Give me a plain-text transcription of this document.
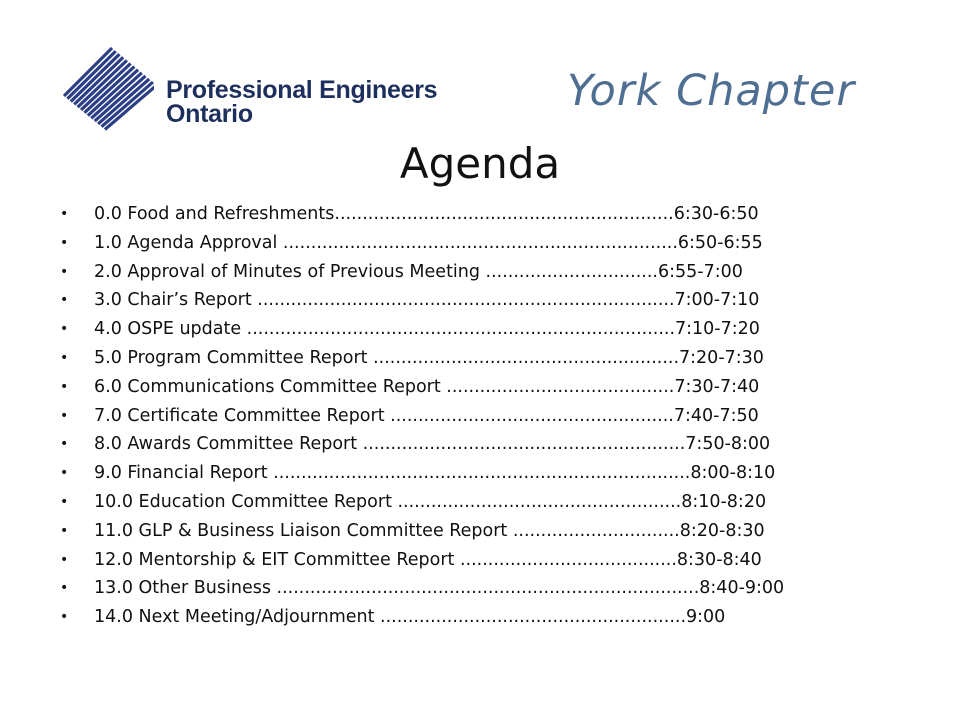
Professional Engineers
Ontario	York Chapter
Agenda
•	0.0 Food and Refreshments.............................................................6:30-6:50
•	1.0 Agenda Approval .......................................................................6:50-6:55
•	2.0 Approval of Minutes of Previous Meeting ...............................6:55-7:00
•	3.0 Chair’s Report ...........................................................................7:00-7:10
•	4.0 OSPE update .............................................................................7:10-7:20
•	5.0 Program Committee Report .......................................................7:20-7:30
•	6.0 Communications Committee Report .........................................7:30-7:40
•	7.0 Certificate Committee Report ...................................................7:40-7:50
•	8.0 Awards Committee Report ..........................................................7:50-8:00
•	9.0 Financial Report ...........................................................................8:00-8:10
•	10.0 Education Committee Report ...................................................8:10-8:20
•	11.0 GLP & Business Liaison Committee Report ..............................8:20-8:30
•	12.0 Mentorship & EIT Committee Report .......................................8:30-8:40
•	13.0 Other Business ............................................................................8:40-9:00
•	14.0 Next Meeting/Adjournment .......................................................9:00
